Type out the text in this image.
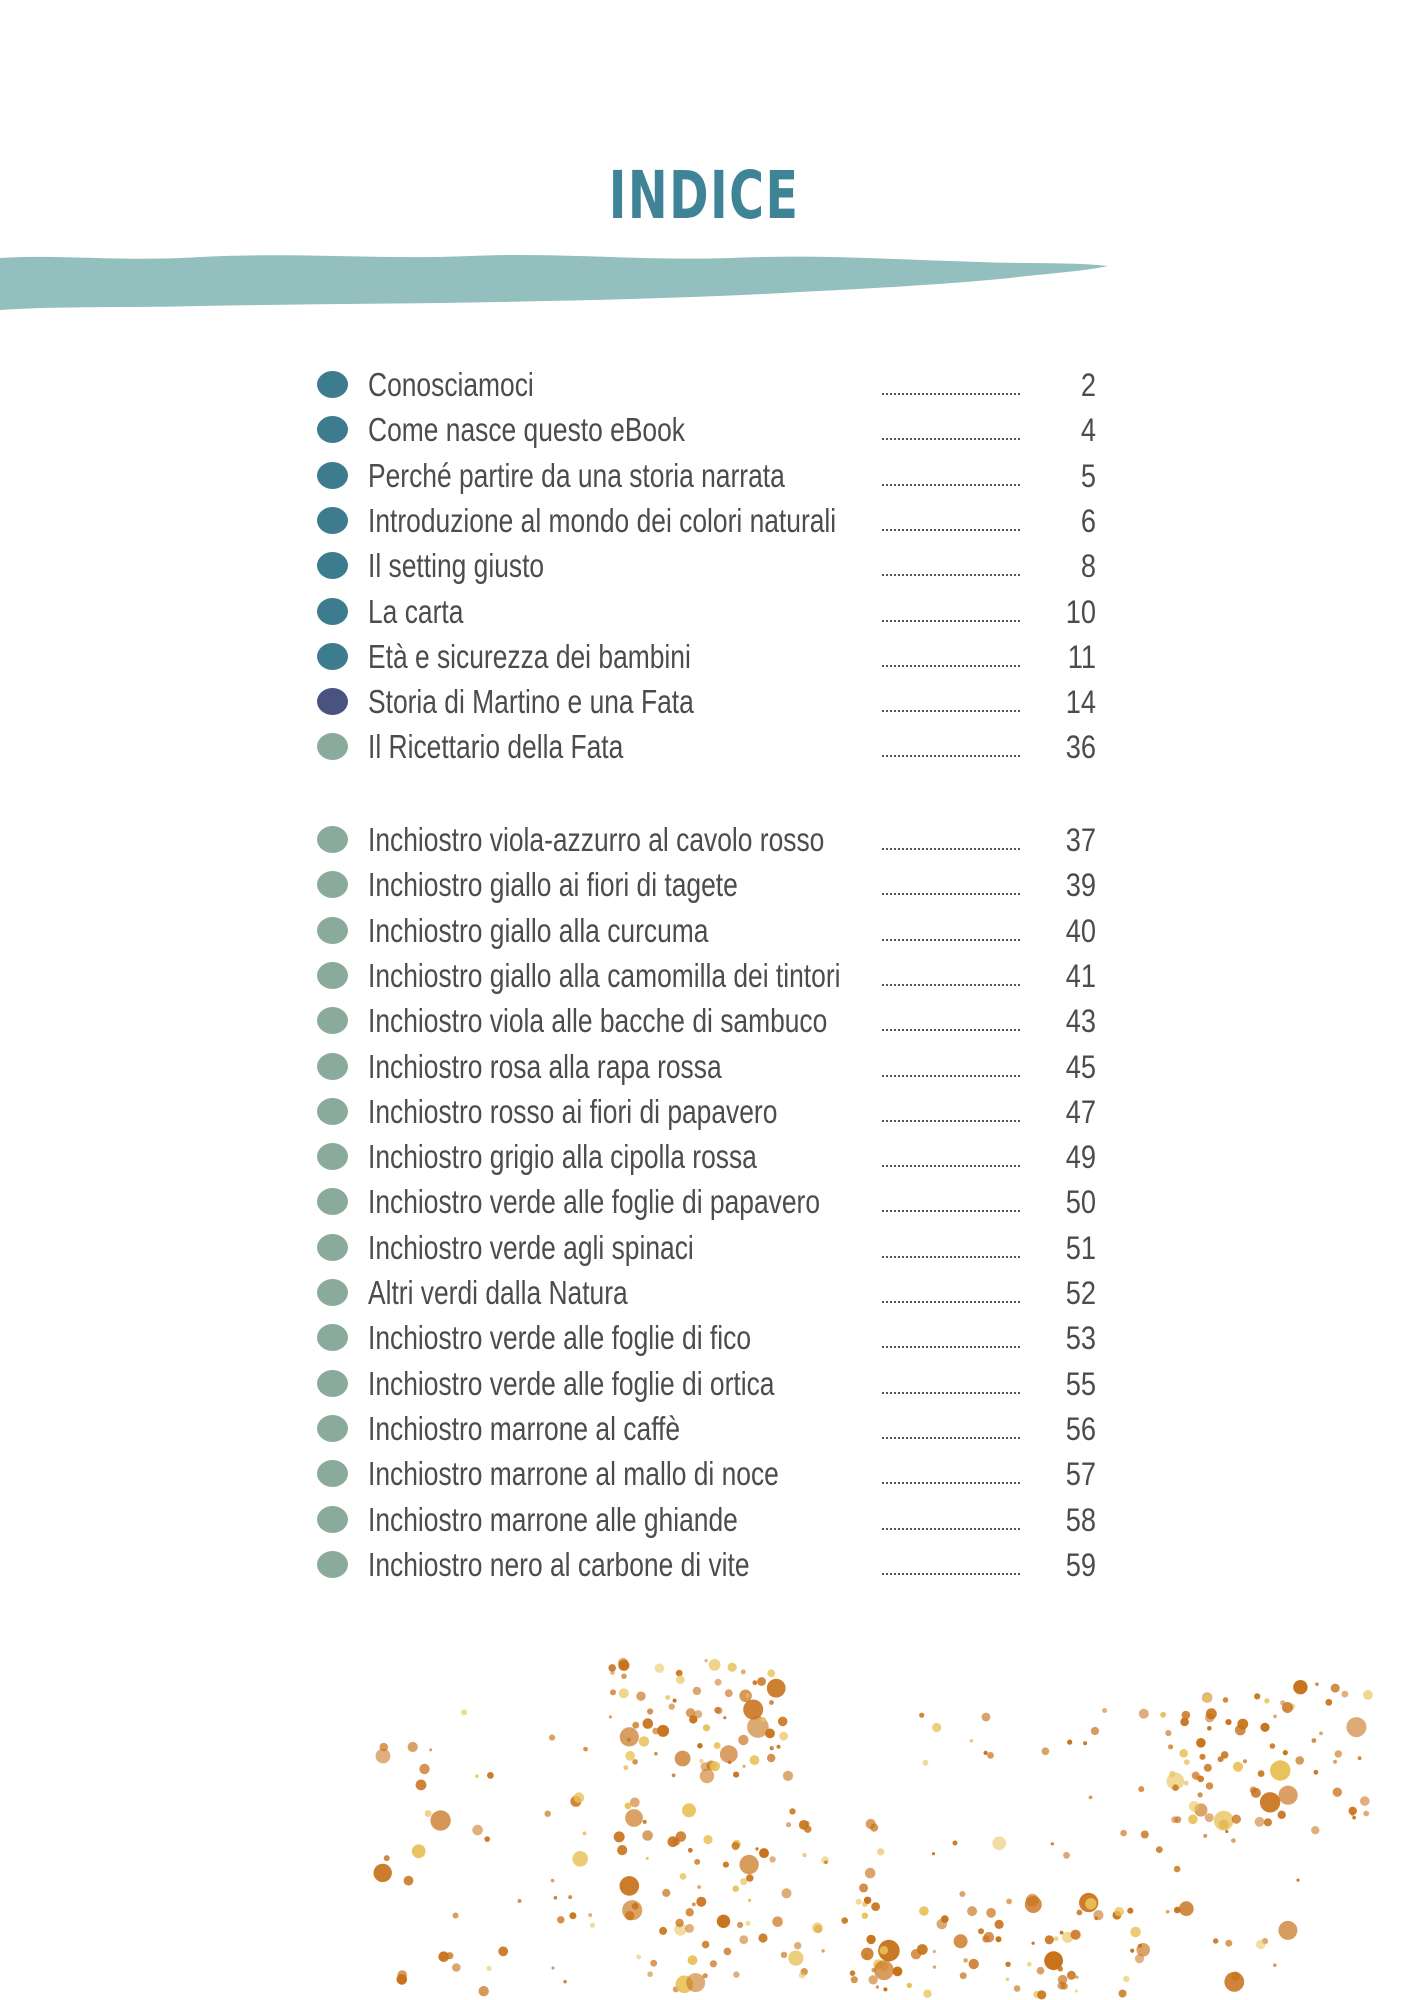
INDICE
Conosciamoci	2
Come nasce questo eBook	4
Perché partire da una storia narrata	5
Introduzione al mondo dei colori naturali	6
Il setting giusto	8
La carta	10
Età e sicurezza dei bambini	11
Storia di Martino e una Fata	14
Il Ricettario della Fata	36
Inchiostro viola-azzurro al cavolo rosso	37
Inchiostro giallo ai fiori di tagete	39
Inchiostro giallo alla curcuma	40
Inchiostro giallo alla camomilla dei tintori	41
Inchiostro viola alle bacche di sambuco	43
Inchiostro rosa alla rapa rossa	45
Inchiostro rosso ai fiori di papavero	47
Inchiostro grigio alla cipolla rossa	49
Inchiostro verde alle foglie di papavero	50
Inchiostro verde agli spinaci	51
Altri verdi dalla Natura	52
Inchiostro verde alle foglie di fico	53
Inchiostro verde alle foglie di ortica	55
Inchiostro marrone al caffè	56
Inchiostro marrone al mallo di noce	57
Inchiostro marrone alle ghiande	58
Inchiostro nero al carbone di vite	59
